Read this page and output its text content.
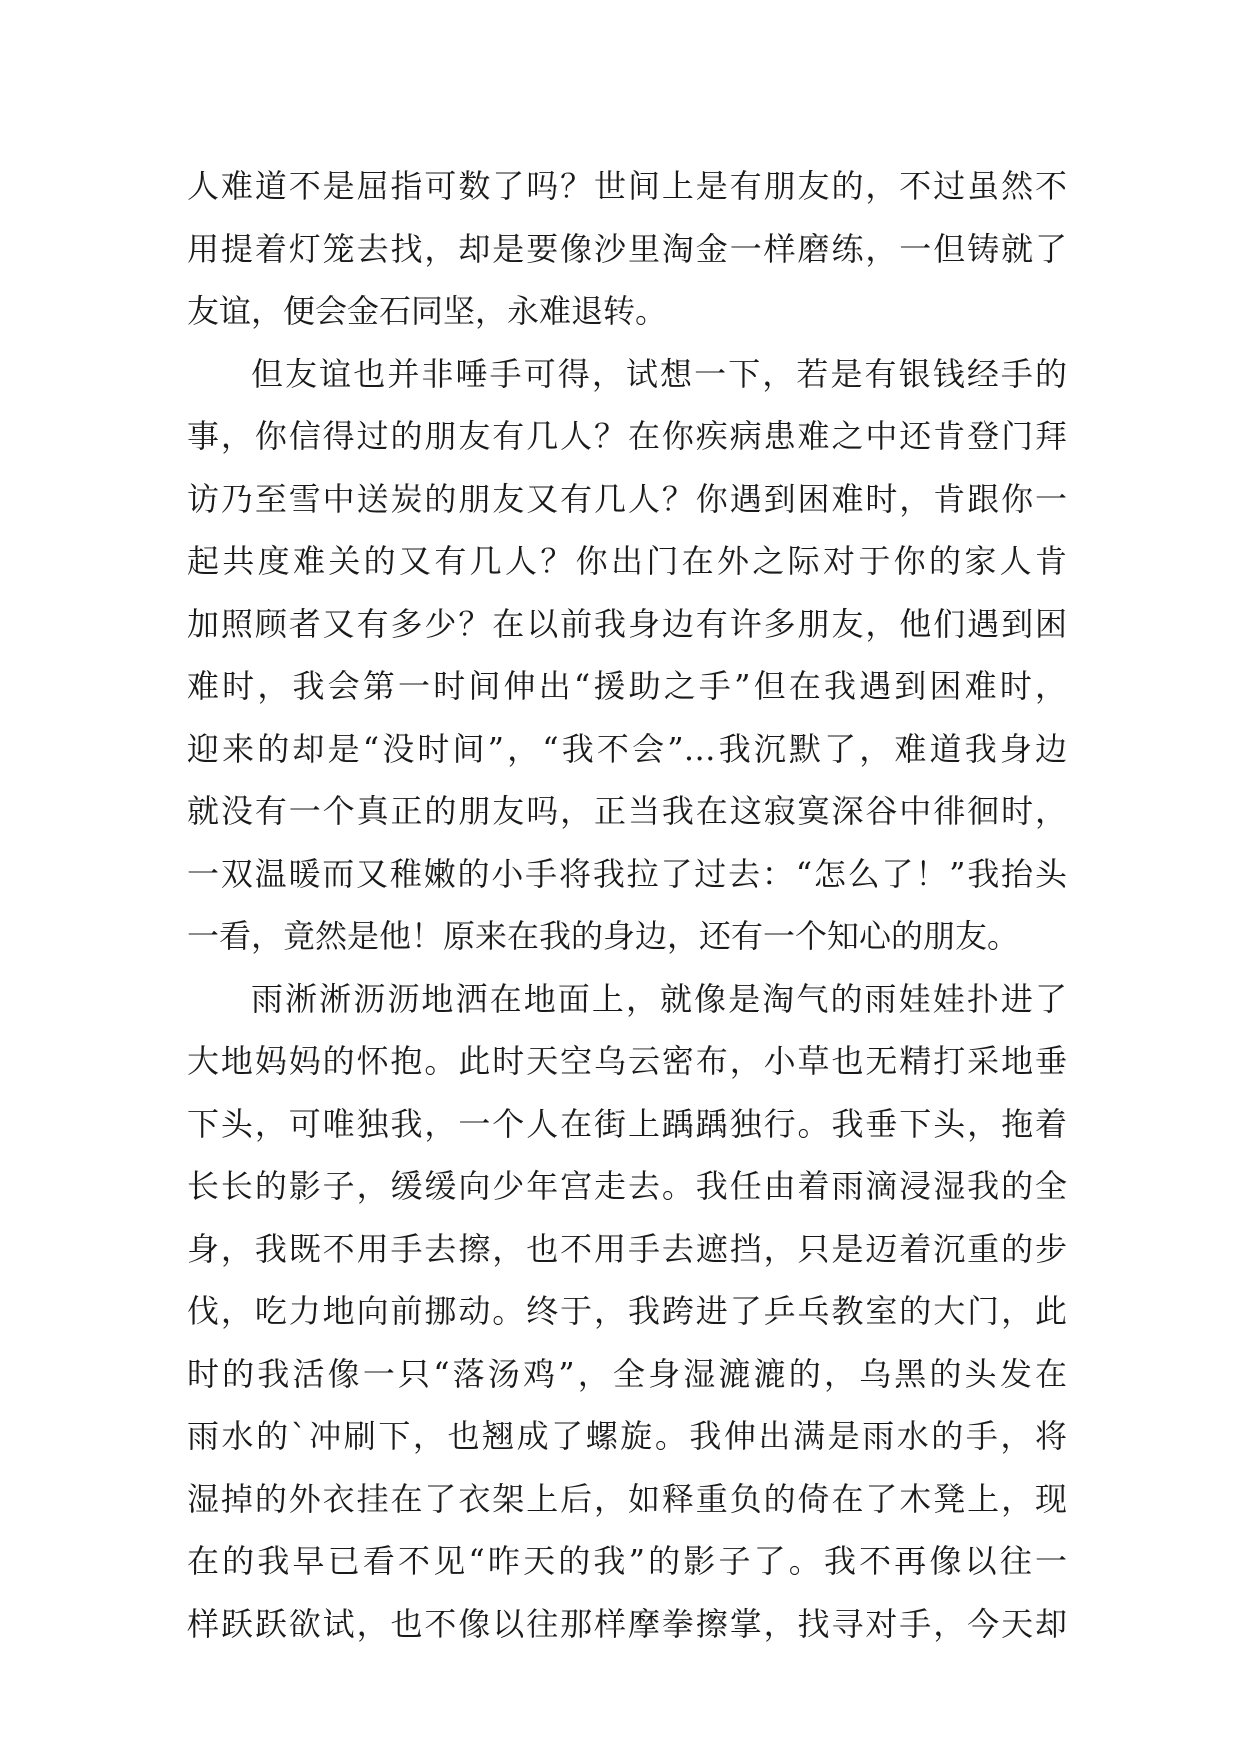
人难道不是屈指可数了吗？世间上是有朋友的，不过虽然不
用提着灯笼去找，却是要像沙里淘金一样磨练，一但铸就了
友谊，便会金石同坚，永难退转。
但友谊也并非唾手可得，试想一下，若是有银钱经手的
事，你信得过的朋友有几人？在你疾病患难之中还肯登门拜
访乃至雪中送炭的朋友又有几人？你遇到困难时，肯跟你一
起共度难关的又有几人？你出门在外之际对于你的家人肯
加照顾者又有多少？在以前我身边有许多朋友，他们遇到困
难时，我会第一时间伸出“援助之手”但在我遇到困难时，
迎来的却是“没时间”，“我不会”…我沉默了，难道我身边
就没有一个真正的朋友吗，正当我在这寂寞深谷中徘徊时，
一双温暖而又稚嫩的小手将我拉了过去：“怎么了！”我抬头
一看，竟然是他！原来在我的身边，还有一个知心的朋友。
雨淅淅沥沥地洒在地面上，就像是淘气的雨娃娃扑进了
大地妈妈的怀抱。此时天空乌云密布，小草也无精打采地垂
下头，可唯独我，一个人在街上踽踽独行。我垂下头，拖着
长长的影子，缓缓向少年宫走去。我任由着雨滴浸湿我的全
身，我既不用手去擦，也不用手去遮挡，只是迈着沉重的步
伐，吃力地向前挪动。终于，我跨进了乒乓教室的大门，此
时的我活像一只“落汤鸡”，全身湿漉漉的，乌黑的头发在
雨水的`冲刷下，也翘成了螺旋。我伸出满是雨水的手，将
湿掉的外衣挂在了衣架上后，如释重负的倚在了木凳上，现
在的我早已看不见“昨天的我”的影子了。我不再像以往一
样跃跃欲试，也不像以往那样摩拳擦掌，找寻对手，今天却
